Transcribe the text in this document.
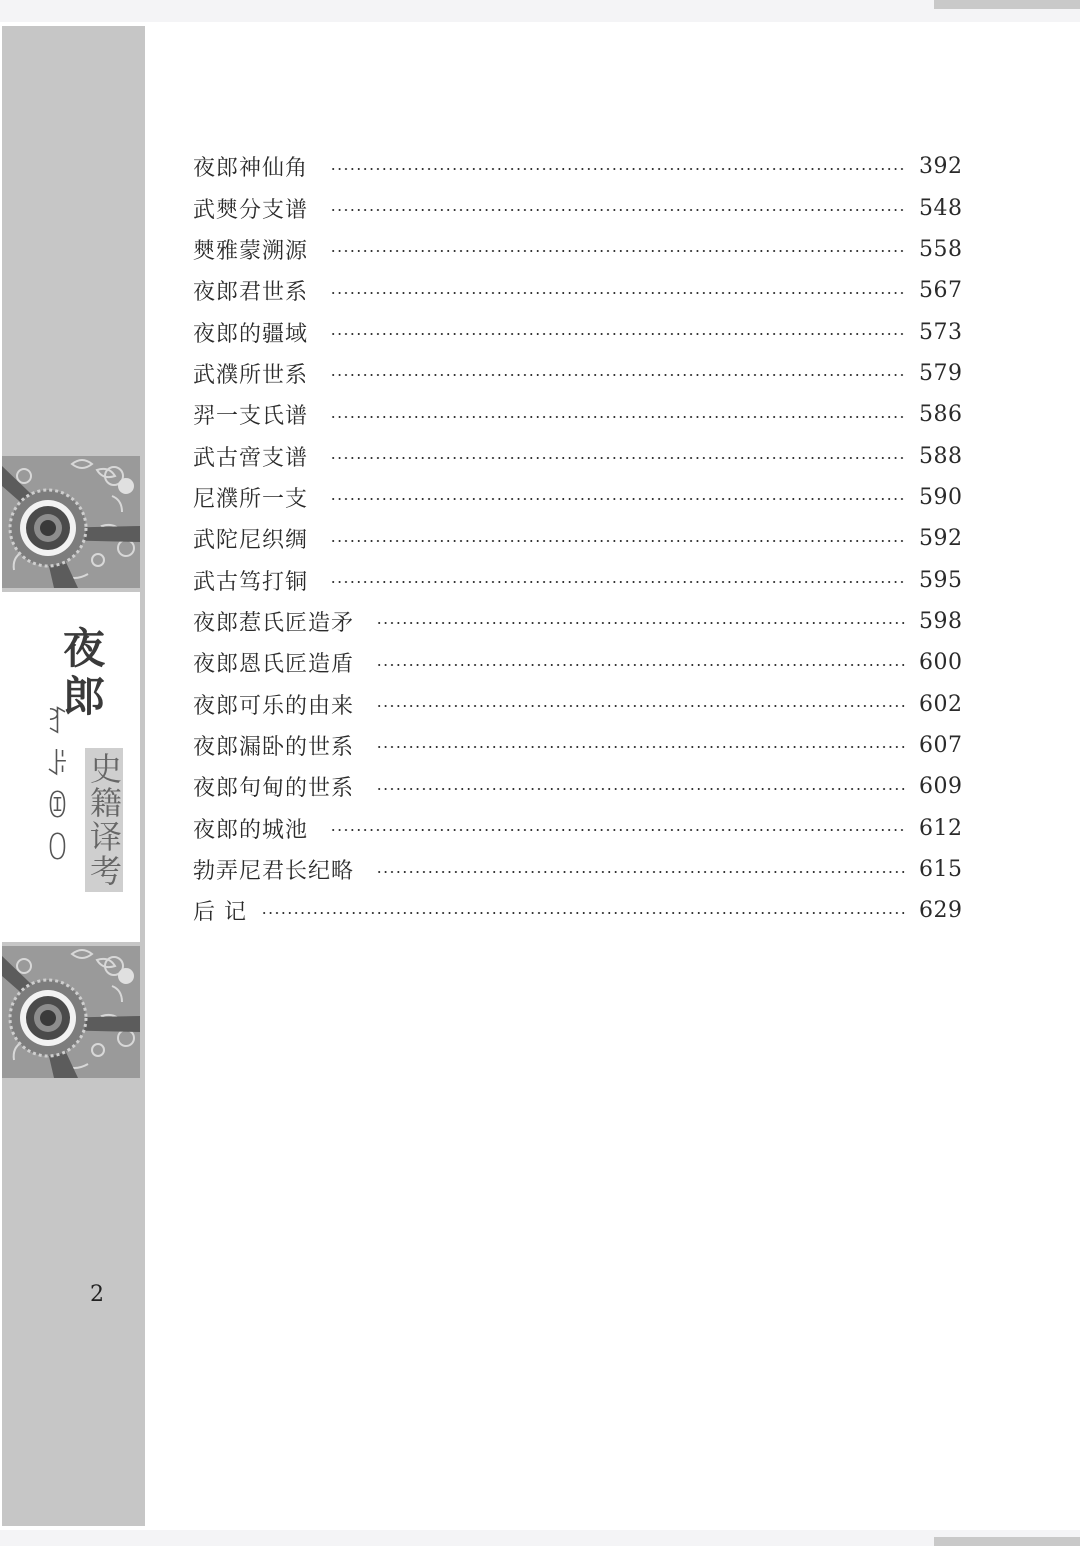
夜郎
ꆈꌠꀧꄲ 史籍译考
2
夜郎神仙角	392
武僰分支谱	548
僰雅蒙溯源	558
夜郎君世系	567
夜郎的疆域	573
武濮所世系	579
羿一支氏谱	586
武古啻支谱	588
尼濮所一支	590
武陀尼织绸	592
武古笃打铜	595
夜郎惹氏匠造矛	598
夜郎恩氏匠造盾	600
夜郎可乐的由来	602
夜郎漏卧的世系	607
夜郎句甸的世系	609
夜郎的城池	612
勃弄尼君长纪略	615
后 记	629
